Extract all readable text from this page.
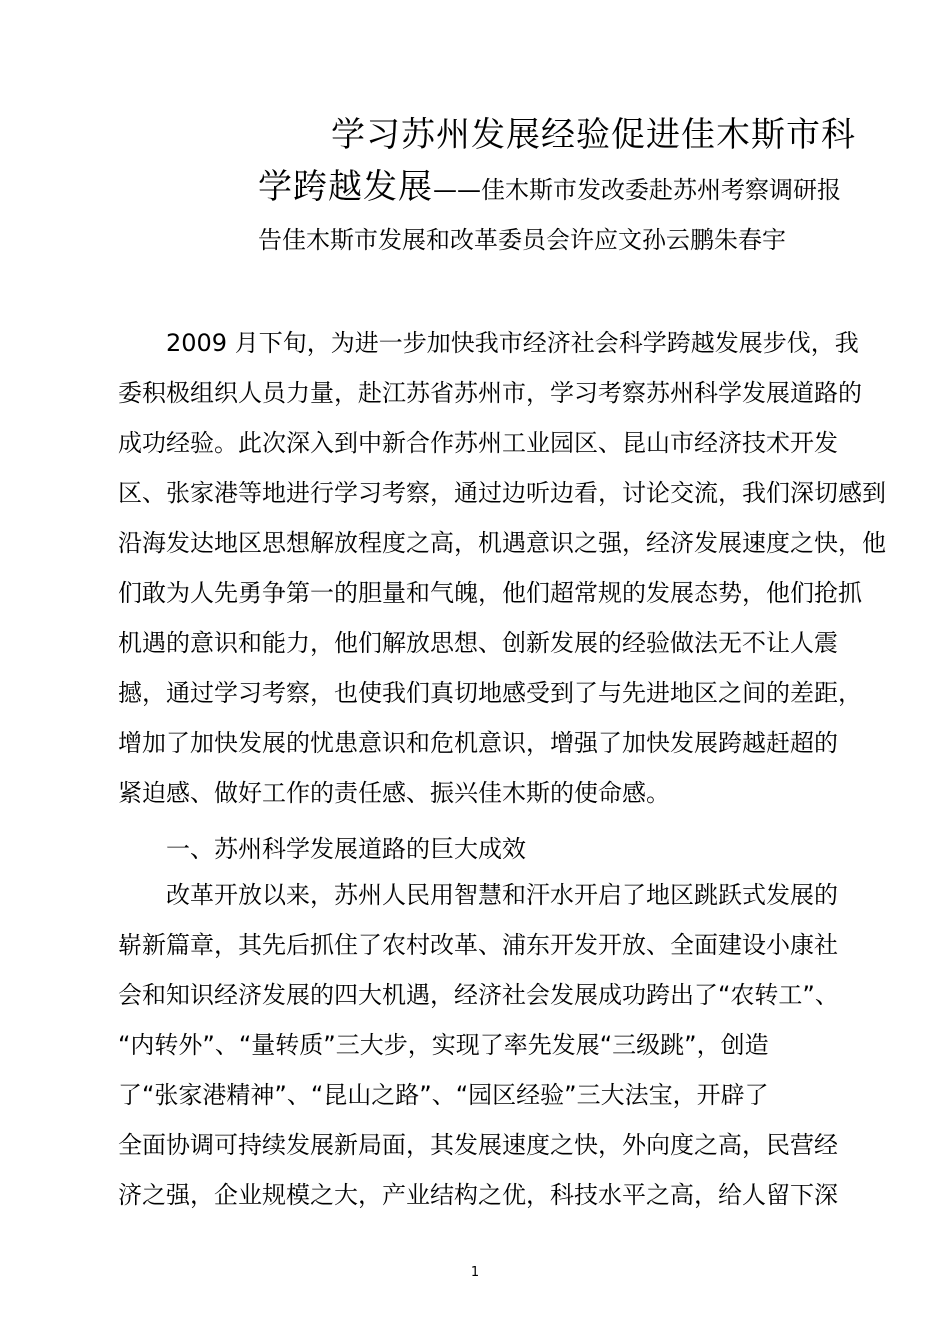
学习苏州发展经验促进佳木斯市科
学跨越发展——佳木斯市发改委赴苏州考察调研报
告佳木斯市发展和改革委员会许应文孙云鹏朱春宇
2009 月下旬，为进一步加快我市经济社会科学跨越发展步伐，我
委积极组织人员力量，赴江苏省苏州市，学习考察苏州科学发展道路的
成功经验。此次深入到中新合作苏州工业园区、昆山市经济技术开发
区、张家港等地进行学习考察，通过边听边看，讨论交流，我们深切感到
沿海发达地区思想解放程度之高，机遇意识之强，经济发展速度之快，他
们敢为人先勇争第一的胆量和气魄，他们超常规的发展态势，他们抢抓
机遇的意识和能力，他们解放思想、创新发展的经验做法无不让人震
撼，通过学习考察，也使我们真切地感受到了与先进地区之间的差距，
增加了加快发展的忧患意识和危机意识，增强了加快发展跨越赶超的
紧迫感、做好工作的责任感、振兴佳木斯的使命感。
一、苏州科学发展道路的巨大成效
改革开放以来，苏州人民用智慧和汗水开启了地区跳跃式发展的
崭新篇章，其先后抓住了农村改革、浦东开发开放、全面建设小康社
会和知识经济发展的四大机遇，经济社会发展成功跨出了“农转工”、
“内转外”、“量转质”三大步，实现了率先发展“三级跳”，创造
了“张家港精神”、“昆山之路”、“园区经验”三大法宝，开辟了
全面协调可持续发展新局面，其发展速度之快，外向度之高，民营经
济之强，企业规模之大，产业结构之优，科技水平之高，给人留下深
1
